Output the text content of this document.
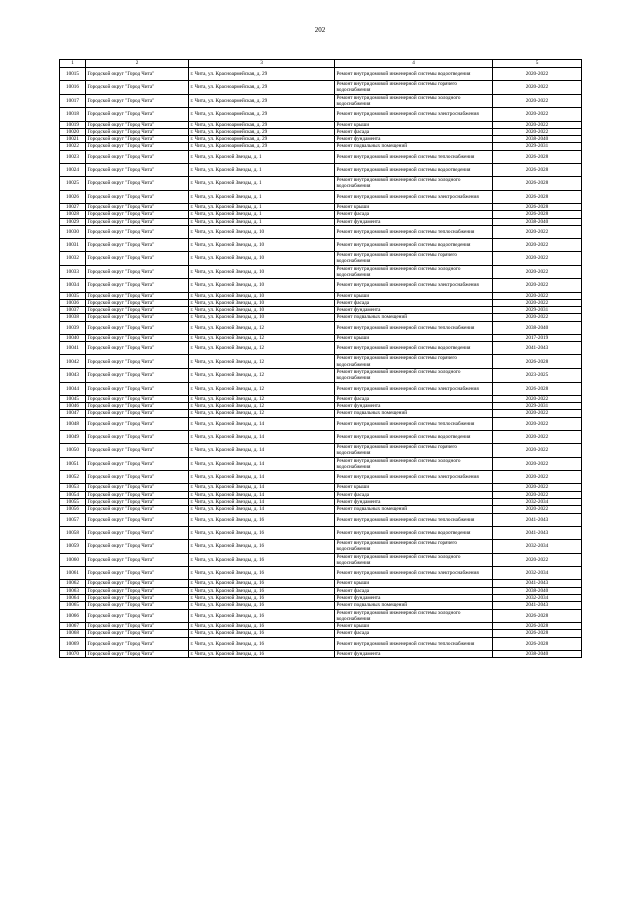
202
1	2	3	4	5
10015	Городской округ "Город Чита"	г. Чита, ул. Красноармейская, д. 29	Ремонт внутридомовой инженерной системы водоотведения	2020-2022
10016	Городской округ "Город Чита"	г. Чита, ул. Красноармейская, д. 29	Ремонт внутридомовой инженерной системы горячего водоснабжения	2020-2022
10017	Городской округ "Город Чита"	г. Чита, ул. Красноармейская, д. 29	Ремонт внутридомовой инженерной системы холодного водоснабжения	2020-2022
10018	Городской округ "Город Чита"	г. Чита, ул. Красноармейская, д. 29	Ремонт внутридомовой инженерной системы электроснабжения	2020-2022
10019	Городской округ "Город Чита"	г. Чита, ул. Красноармейская, д. 29	Ремонт крыши	2020-2022
10020	Городской округ "Город Чита"	г. Чита, ул. Красноармейская, д. 29	Ремонт фасада	2020-2022
10021	Городской округ "Город Чита"	г. Чита, ул. Красноармейская, д. 29	Ремонт фундамента	2038-2040
10022	Городской округ "Город Чита"	г. Чита, ул. Красноармейская, д. 29	Ремонт подвальных помещений	2029-2031
10023	Городской округ "Город Чита"	г. Чита, ул. Красной Звезды, д. 1	Ремонт внутридомовой инженерной системы теплоснабжения	2026-2028
10024	Городской округ "Город Чита"	г. Чита, ул. Красной Звезды, д. 1	Ремонт внутридомовой инженерной системы водоотведения	2026-2028
10025	Городской округ "Город Чита"	г. Чита, ул. Красной Звезды, д. 1	Ремонт внутридомовой инженерной системы холодного водоснабжения	2026-2028
10026	Городской округ "Город Чита"	г. Чита, ул. Красной Звезды, д. 1	Ремонт внутридомовой инженерной системы электроснабжения	2026-2028
10027	Городской округ "Город Чита"	г. Чита, ул. Красной Звезды, д. 1	Ремонт крыши	2026-2028
10028	Городской округ "Город Чита"	г. Чита, ул. Красной Звезды, д. 1	Ремонт фасада	2026-2028
10029	Городской округ "Город Чита"	г. Чита, ул. Красной Звезды, д. 1	Ремонт фундамента	2038-2040
10030	Городской округ "Город Чита"	г. Чита, ул. Красной Звезды, д. 10	Ремонт внутридомовой инженерной системы теплоснабжения	2020-2022
10031	Городской округ "Город Чита"	г. Чита, ул. Красной Звезды, д. 10	Ремонт внутридомовой инженерной системы водоотведения	2020-2022
10032	Городской округ "Город Чита"	г. Чита, ул. Красной Звезды, д. 10	Ремонт внутридомовой инженерной системы горячего водоснабжения	2020-2022
10033	Городской округ "Город Чита"	г. Чита, ул. Красной Звезды, д. 10	Ремонт внутридомовой инженерной системы холодного водоснабжения	2020-2022
10034	Городской округ "Город Чита"	г. Чита, ул. Красной Звезды, д. 10	Ремонт внутридомовой инженерной системы электроснабжения	2020-2022
10035	Городской округ "Город Чита"	г. Чита, ул. Красной Звезды, д. 10	Ремонт крыши	2020-2022
10036	Городской округ "Город Чита"	г. Чита, ул. Красной Звезды, д. 10	Ремонт фасада	2020-2022
10037	Городской округ "Город Чита"	г. Чита, ул. Красной Звезды, д. 10	Ремонт фундамента	2029-2031
10038	Городской округ "Город Чита"	г. Чита, ул. Красной Звезды, д. 10	Ремонт подвальных помещений	2020-2022
10039	Городской округ "Город Чита"	г. Чита, ул. Красной Звезды, д. 12	Ремонт внутридомовой инженерной системы теплоснабжения	2038-2040
10040	Городской округ "Город Чита"	г. Чита, ул. Красной Звезды, д. 12	Ремонт крыши	2017-2019
10041	Городской округ "Город Чита"	г. Чита, ул. Красной Звезды, д. 12	Ремонт внутридомовой инженерной системы водоотведения	2041-2043
10042	Городской округ "Город Чита"	г. Чита, ул. Красной Звезды, д. 12	Ремонт внутридомовой инженерной системы горячего водоснабжения	2026-2028
10043	Городской округ "Город Чита"	г. Чита, ул. Красной Звезды, д. 12	Ремонт внутридомовой инженерной системы холодного водоснабжения	2023-2025
10044	Городской округ "Город Чита"	г. Чита, ул. Красной Звезды, д. 12	Ремонт внутридомовой инженерной системы электроснабжения	2026-2028
10045	Городской округ "Город Чита"	г. Чита, ул. Красной Звезды, д. 12	Ремонт фасада	2020-2022
10046	Городской округ "Город Чита"	г. Чита, ул. Красной Звезды, д. 12	Ремонт фундамента	2029-2031
10047	Городской округ "Город Чита"	г. Чита, ул. Красной Звезды, д. 12	Ремонт подвальных помещений	2020-2022
10048	Городской округ "Город Чита"	г. Чита, ул. Красной Звезды, д. 14	Ремонт внутридомовой инженерной системы теплоснабжения	2020-2022
10049	Городской округ "Город Чита"	г. Чита, ул. Красной Звезды, д. 14	Ремонт внутридомовой инженерной системы водоотведения	2020-2022
10050	Городской округ "Город Чита"	г. Чита, ул. Красной Звезды, д. 14	Ремонт внутридомовой инженерной системы горячего водоснабжения	2020-2022
10051	Городской округ "Город Чита"	г. Чита, ул. Красной Звезды, д. 14	Ремонт внутридомовой инженерной системы холодного водоснабжения	2020-2022
10052	Городской округ "Город Чита"	г. Чита, ул. Красной Звезды, д. 14	Ремонт внутридомовой инженерной системы электроснабжения	2020-2022
10053	Городской округ "Город Чита"	г. Чита, ул. Красной Звезды, д. 14	Ремонт крыши	2020-2022
10054	Городской округ "Город Чита"	г. Чита, ул. Красной Звезды, д. 14	Ремонт фасада	2020-2022
10055	Городской округ "Город Чита"	г. Чита, ул. Красной Звезды, д. 14	Ремонт фундамента	2032-2034
10056	Городской округ "Город Чита"	г. Чита, ул. Красной Звезды, д. 14	Ремонт подвальных помещений	2020-2022
10057	Городской округ "Город Чита"	г. Чита, ул. Красной Звезды, д. 16	Ремонт внутридомовой инженерной системы теплоснабжения	2041-2043
10058	Городской округ "Город Чита"	г. Чита, ул. Красной Звезды, д. 16	Ремонт внутридомовой инженерной системы водоотведения	2041-2043
10059	Городской округ "Город Чита"	г. Чита, ул. Красной Звезды, д. 16	Ремонт внутридомовой инженерной системы горячего водоснабжения	2032-2034
10060	Городской округ "Город Чита"	г. Чита, ул. Красной Звезды, д. 16	Ремонт внутридомовой инженерной системы холодного водоснабжения	2020-2022
10061	Городской округ "Город Чита"	г. Чита, ул. Красной Звезды, д. 16	Ремонт внутридомовой инженерной системы электроснабжения	2032-2034
10062	Городской округ "Город Чита"	г. Чита, ул. Красной Звезды, д. 16	Ремонт крыши	2041-2043
10063	Городской округ "Город Чита"	г. Чита, ул. Красной Звезды, д. 16	Ремонт фасада	2038-2040
10064	Городской округ "Город Чита"	г. Чита, ул. Красной Звезды, д. 16	Ремонт фундамента	2032-2034
10065	Городской округ "Город Чита"	г. Чита, ул. Красной Звезды, д. 16	Ремонт подвальных помещений	2041-2043
10066	Городской округ "Город Чита"	г. Чита, ул. Красной Звезды, д. 16	Ремонт внутридомовой инженерной системы холодного водоснабжения	2026-2028
10067	Городской округ "Город Чита"	г. Чита, ул. Красной Звезды, д. 16	Ремонт крыши	2026-2028
10068	Городской округ "Город Чита"	г. Чита, ул. Красной Звезды, д. 16	Ремонт фасада	2026-2028
10069	Городской округ "Город Чита"	г. Чита, ул. Красной Звезды, д. 16	Ремонт внутридомовой инженерной системы теплоснабжения	2026-2028
10070	Городской округ "Город Чита"	г. Чита, ул. Красной Звезды, д. 16	Ремонт фундамента	2038-2040
